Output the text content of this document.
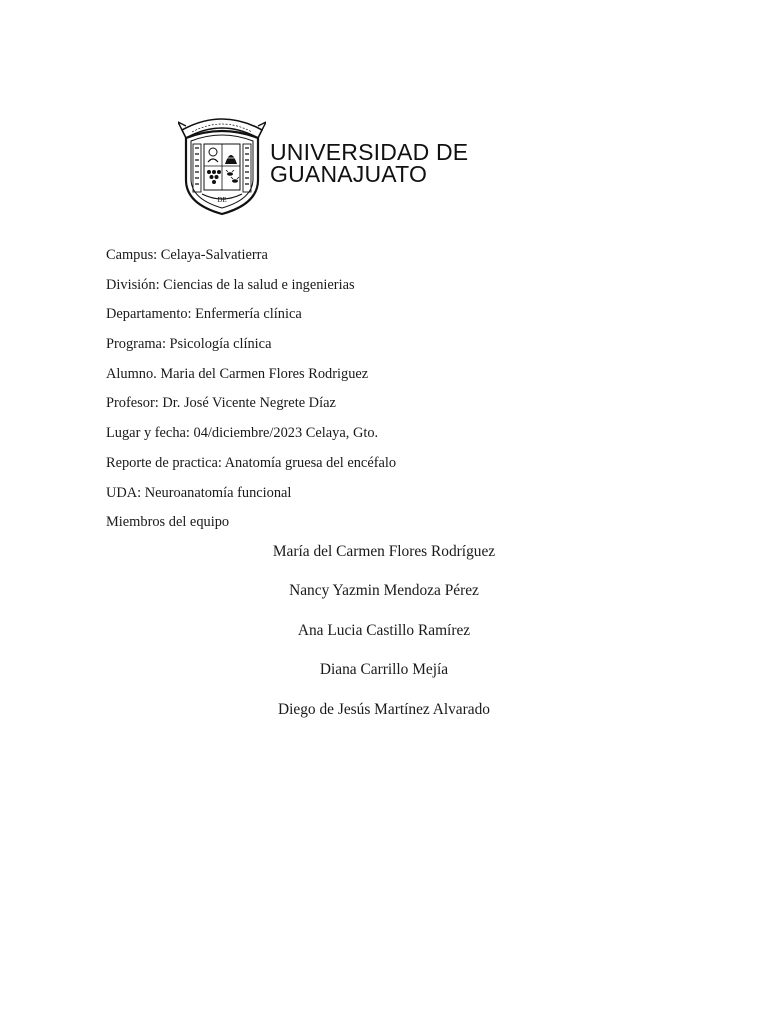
DE
UNIVERSIDAD DE
GUANAJUATO
Campus: Celaya-Salvatierra
División: Ciencias de la salud e ingenierias
Departamento: Enfermería clínica
Programa: Psicología clínica
Alumno. Maria del Carmen Flores Rodriguez
Profesor: Dr. José Vicente Negrete Díaz
Lugar y fecha: 04/diciembre/2023 Celaya, Gto.
Reporte de practica: Anatomía gruesa del encéfalo
UDA: Neuroanatomía funcional
Miembros del equipo
María del Carmen Flores Rodríguez
Nancy Yazmin Mendoza Pérez
Ana Lucia Castillo Ramírez
Diana Carrillo Mejía
Diego de Jesús Martínez Alvarado
